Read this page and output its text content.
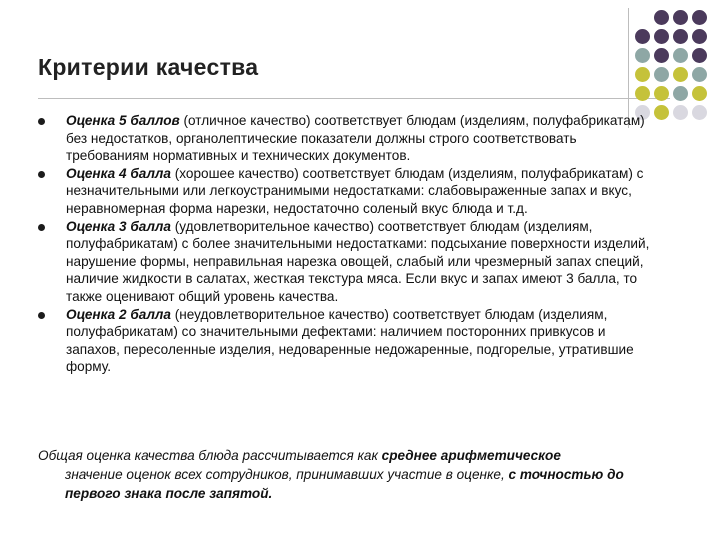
Критерии качества
Оценка 5 баллов (отличное качество) соответствует блюдам (изделиям, полуфабрикатам) без недостатков, органолептические показатели должны строго соответствовать требованиям нормативных и технических документов.
Оценка 4 балла (хорошее качество) соответствует блюдам (изделиям, полуфабрикатам) с незначительными или легкоустранимыми недостатками: слабовыраженные запах и вкус, неравномерная форма нарезки, недостаточно соленый вкус блюда и т.д.
Оценка 3 балла (удовлетворительное качество) соответствует блюдам (изделиям, полуфабрикатам) с более значительными недостатками: подсыхание поверхности изделий, нарушение формы, неправильная нарезка овощей, слабый или чрезмерный запах специй, наличие жидкости в салатах, жесткая текстура мяса. Если вкус и запах имеют 3 балла, то также оценивают общий уровень качества.
Оценка 2 балла (неудовлетворительное качество) соответствует блюдам (изделиям, полуфабрикатам) со значительными дефектами: наличием посторонних привкусов и запахов, пересоленные изделия, недоваренные недожаренные, подгорелые, утратившие форму.
Общая оценка качества блюда рассчитывается как среднее арифметическое
значение оценок всех сотрудников, принимавших участие в оценке, с точностью до первого знака после запятой.
